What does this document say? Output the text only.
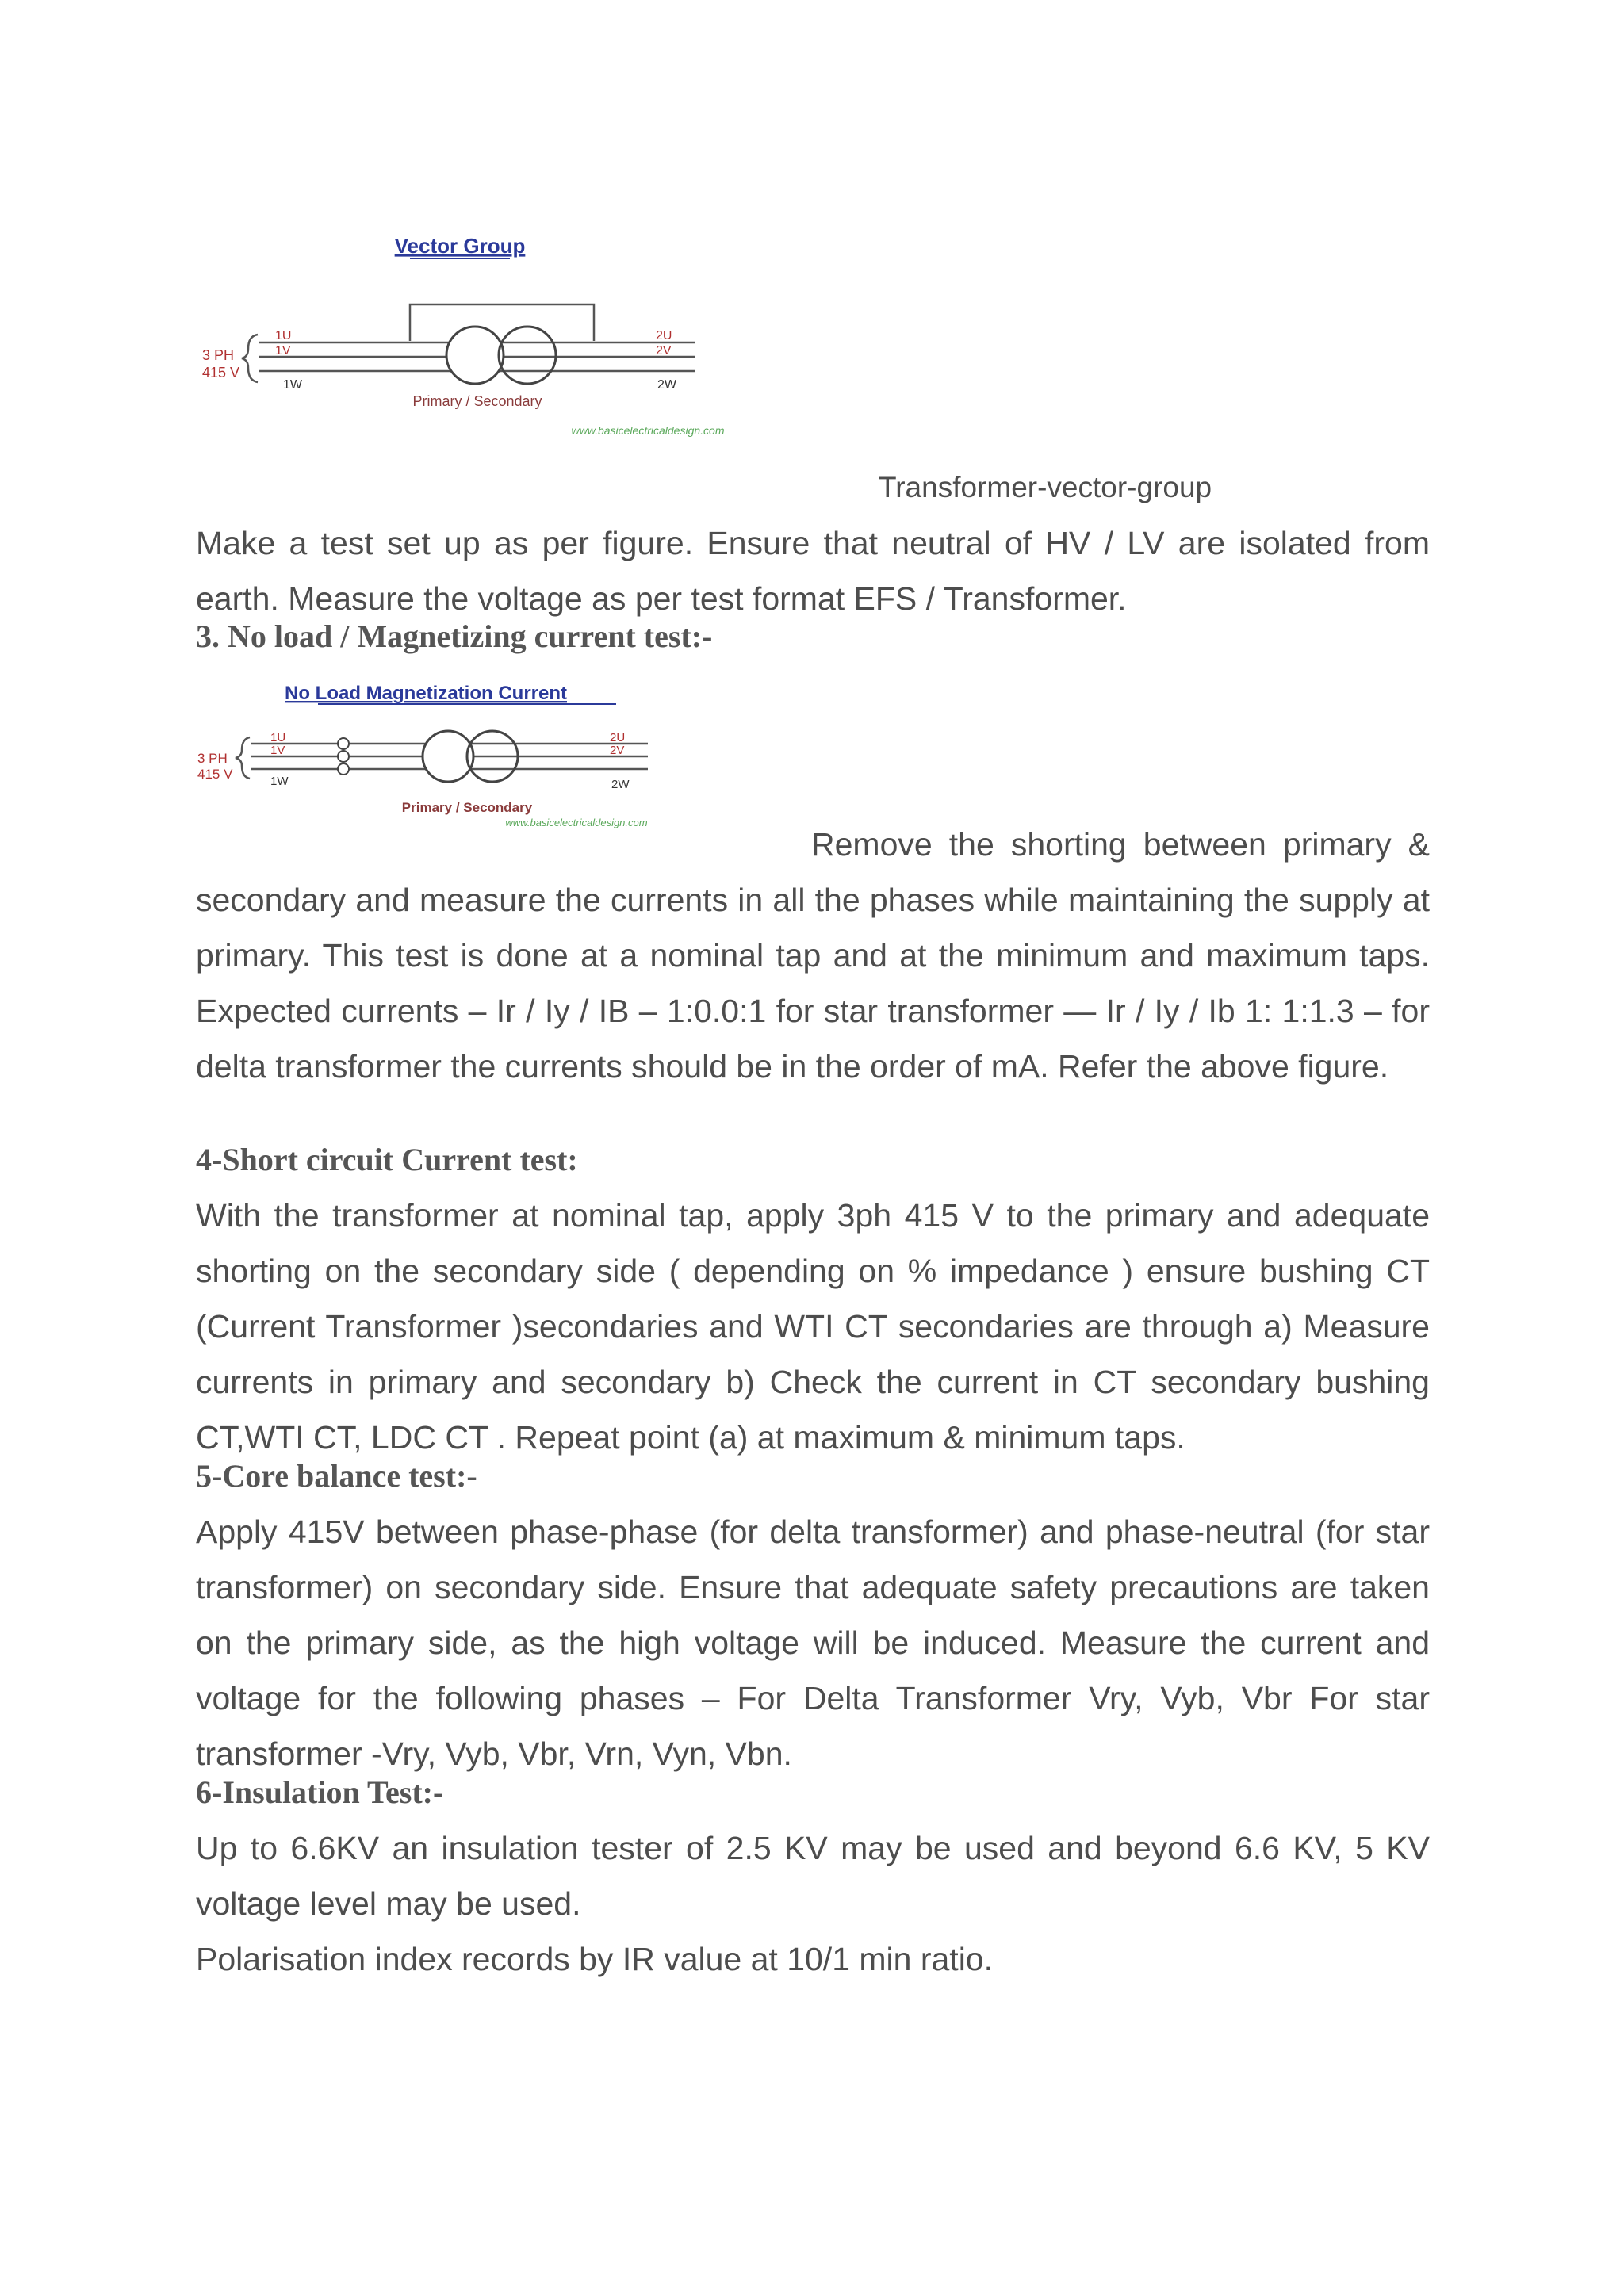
Vector Group
3 PH
415 V
1U
1V
1W
2U
2V
2W
Primary / Secondary
www.basicelectricaldesign.com
Transformer-vector-group
Make a test set up as per figure. Ensure that neutral of HV / LV are isolated from earth. Measure the voltage as per test format EFS / Transformer.
3. No load / Magnetizing current test:-
No Load Magnetization Current
3 PH
415 V
1U
1V
1W
2U
2V
2W
Primary / Secondary
www.basicelectricaldesign.com
Remove the shorting between primary & secondary and measure the currents in all the phases while maintaining the supply at primary. This test is done at a nominal tap and at the minimum and maximum taps. Expected currents – Ir / Iy / IB – 1:0.0:1 for star transformer — Ir / Iy / Ib 1: 1:1.3 – for delta transformer the currents should be in the order of mA. Refer the above figure.
4-Short circuit Current test:
With the transformer at nominal tap, apply 3ph 415 V to the primary and adequate shorting on the secondary side ( depending on % impedance ) ensure bushing CT (Current Transformer )secondaries and WTI CT secondaries are through a) Measure currents in primary and secondary b) Check the current in CT secondary bushing CT,WTI CT, LDC CT . Repeat point (a) at maximum & minimum taps.
5-Core balance test:-
Apply 415V between phase-phase (for delta transformer) and phase-neutral (for star transformer) on secondary side. Ensure that adequate safety precautions are taken on the primary side, as the high voltage will be induced. Measure the current and voltage for the following phases – For Delta Transformer Vry, Vyb, Vbr For star transformer -Vry, Vyb, Vbr, Vrn, Vyn, Vbn.
6-Insulation Test:-
Up to 6.6KV an insulation tester of 2.5 KV may be used and beyond 6.6 KV, 5 KV voltage level may be used.
Polarisation index records by IR value at 10/1 min ratio.
